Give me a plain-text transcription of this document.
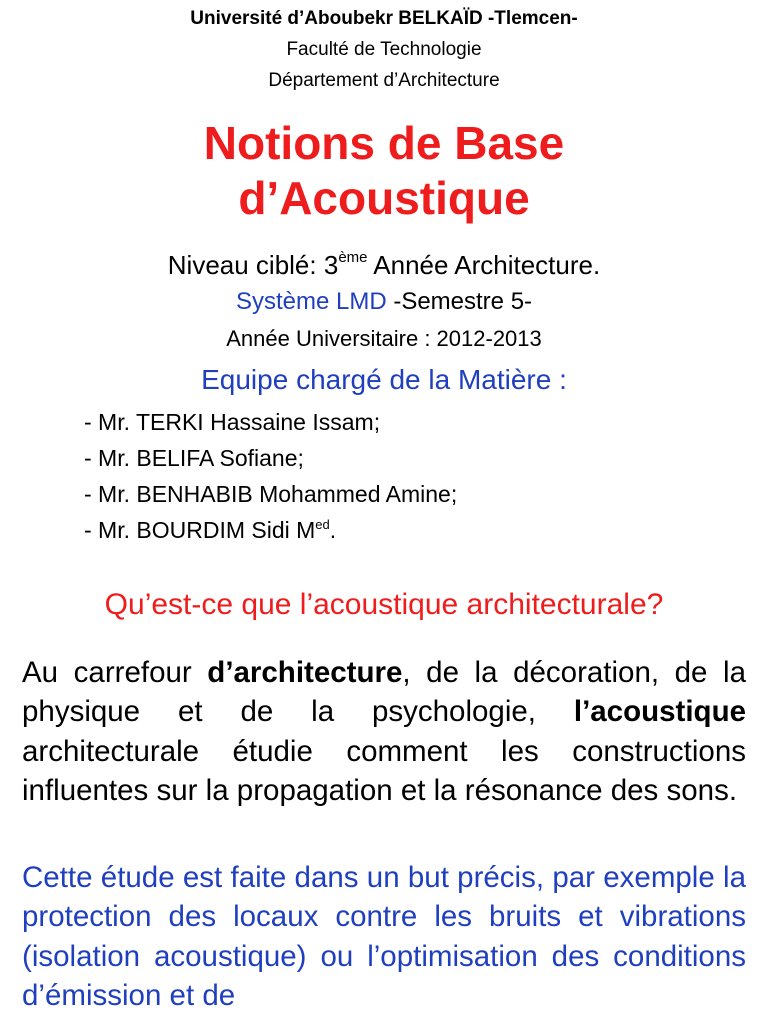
Université d’Aboubekr BELKAÏD -Tlemcen-
Faculté de Technologie
Département d’Architecture
Notions de Base
d’Acoustique
Niveau ciblé: 3ème Année Architecture.
Système LMD -Semestre 5-
Année Universitaire : 2012-2013
Equipe chargé de la Matière :
- Mr. TERKI Hassaine Issam;
- Mr. BELIFA Sofiane;
- Mr. BENHABIB Mohammed Amine;
- Mr. BOURDIM Sidi $M^{ed}$.
Qu’est-ce que l’acoustique architecturale?

Au carrefour d’architecture, de la décoration, de la physique et de la psychologie, l’acoustique architecturale étudie comment les constructions influentes sur la propagation et la résonance des sons.

Cette étude est faite dans un but précis, par exemple la protection des locaux contre les bruits et vibrations (isolation acoustique) ou l’optimisation des conditions d’émission et de
